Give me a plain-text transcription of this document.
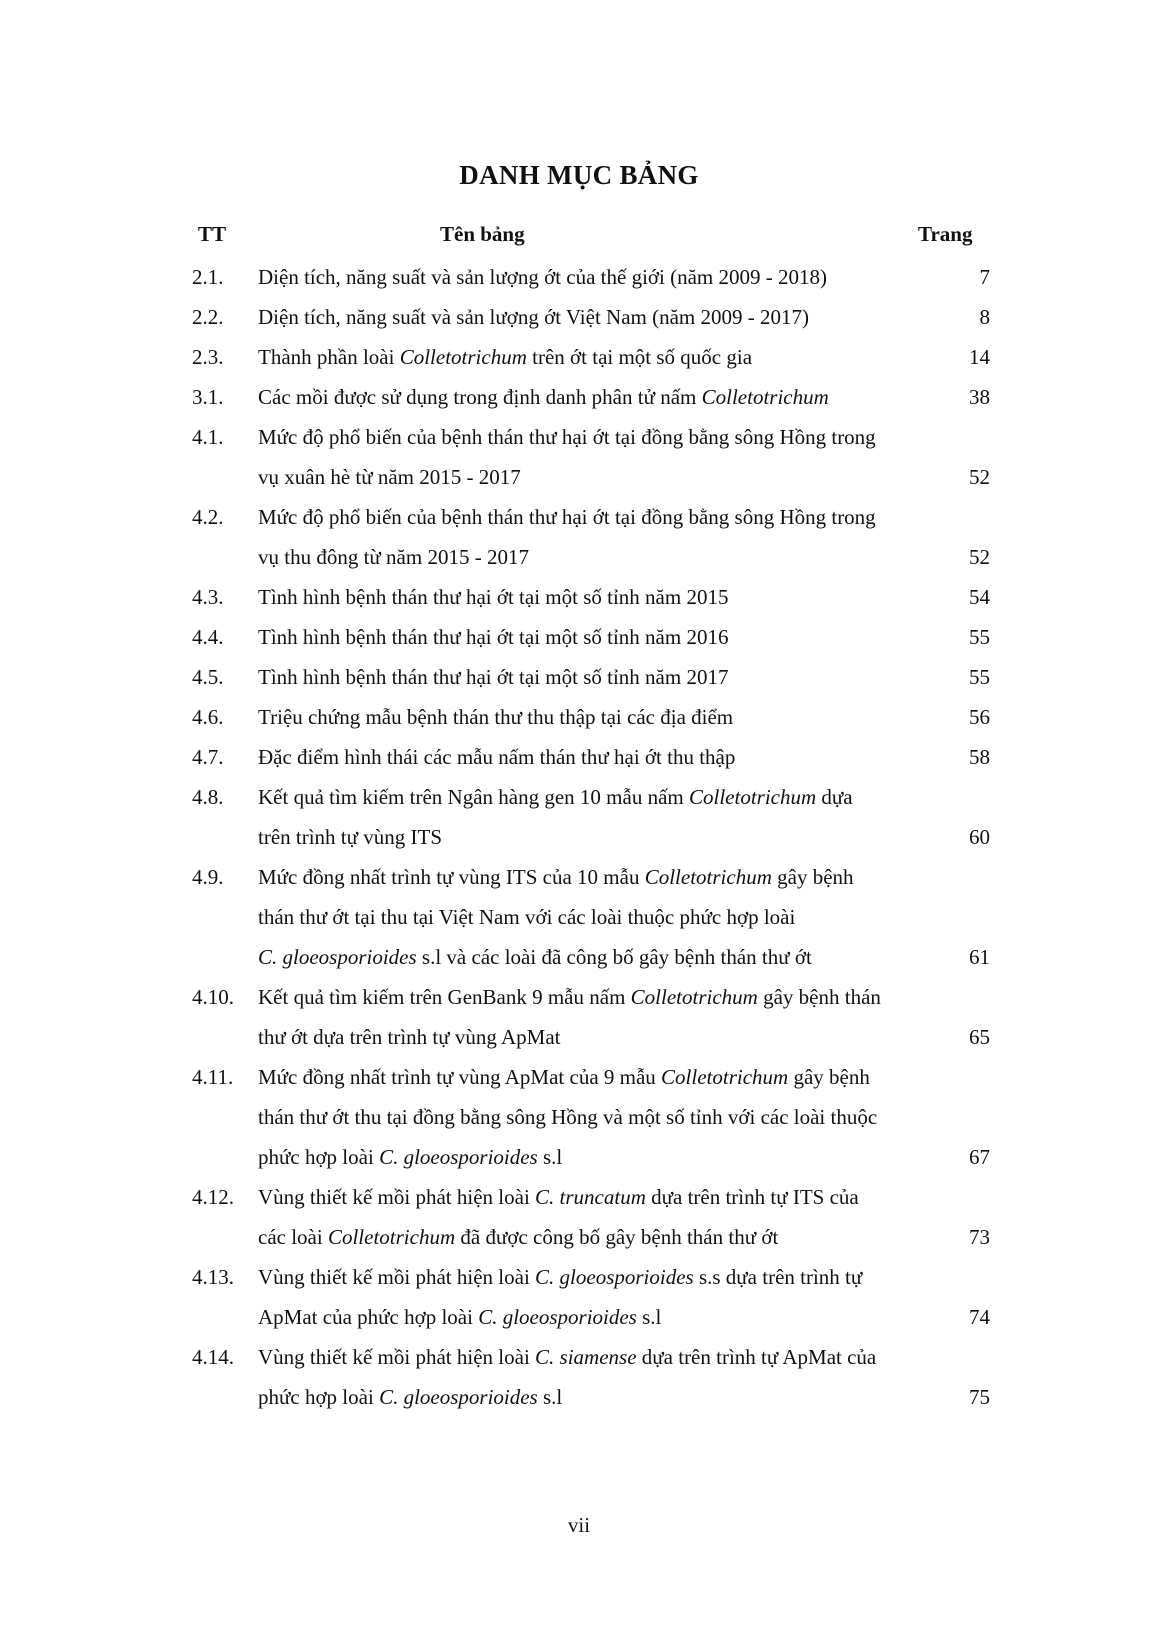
DANH MỤC BẢNG
TT	Tên bảng	Trang
2.1. Diện tích, năng suất và sản lượng ớt của thế giới (năm 2009 - 2018)	7
2.2. Diện tích, năng suất và sản lượng ớt Việt Nam (năm 2009 - 2017)	8
2.3. Thành phần loài Colletotrichum trên ớt tại một số quốc gia	14
3.1. Các mồi được sử dụng trong định danh phân tử nấm Colletotrichum	38
4.1. Mức độ phổ biến của bệnh thán thư hại ớt tại đồng bằng sông Hồng trong
vụ xuân hè từ năm 2015 - 2017	52
4.2. Mức độ phổ biến của bệnh thán thư hại ớt tại đồng bằng sông Hồng trong
vụ thu đông từ năm 2015 - 2017	52
4.3. Tình hình bệnh thán thư hại ớt tại một số tỉnh năm 2015	54
4.4. Tình hình bệnh thán thư hại ớt tại một số tỉnh năm 2016	55
4.5. Tình hình bệnh thán thư hại ớt tại một số tỉnh năm 2017	55
4.6. Triệu chứng mẫu bệnh thán thư thu thập tại các địa điểm	56
4.7. Đặc điểm hình thái các mẫu nấm thán thư hại ớt thu thập	58
4.8. Kết quả tìm kiếm trên Ngân hàng gen 10 mẫu nấm Colletotrichum dựa
trên trình tự vùng ITS	60
4.9. Mức đồng nhất trình tự vùng ITS của 10 mẫu Colletotrichum gây bệnh
thán thư ớt tại thu tại Việt Nam với các loài thuộc phức hợp loài
C. gloeosporioides s.l và các loài đã công bố gây bệnh thán thư ớt	61
4.10. Kết quả tìm kiếm trên GenBank 9 mẫu nấm Colletotrichum gây bệnh thán
thư ớt dựa trên trình tự vùng ApMat	65
4.11. Mức đồng nhất trình tự vùng ApMat của 9 mẫu Colletotrichum gây bệnh
thán thư ớt thu tại đồng bằng sông Hồng và một số tỉnh với các loài thuộc
phức hợp loài C. gloeosporioides s.l	67
4.12. Vùng thiết kế mồi phát hiện loài C. truncatum dựa trên trình tự ITS của
các loài Colletotrichum đã được công bố gây bệnh thán thư ớt	73
4.13. Vùng thiết kế mồi phát hiện loài C. gloeosporioides s.s dựa trên trình tự
ApMat của phức hợp loài C. gloeosporioides s.l	74
4.14. Vùng thiết kế mồi phát hiện loài C. siamense dựa trên trình tự ApMat của
phức hợp loài C. gloeosporioides s.l	75
vii
